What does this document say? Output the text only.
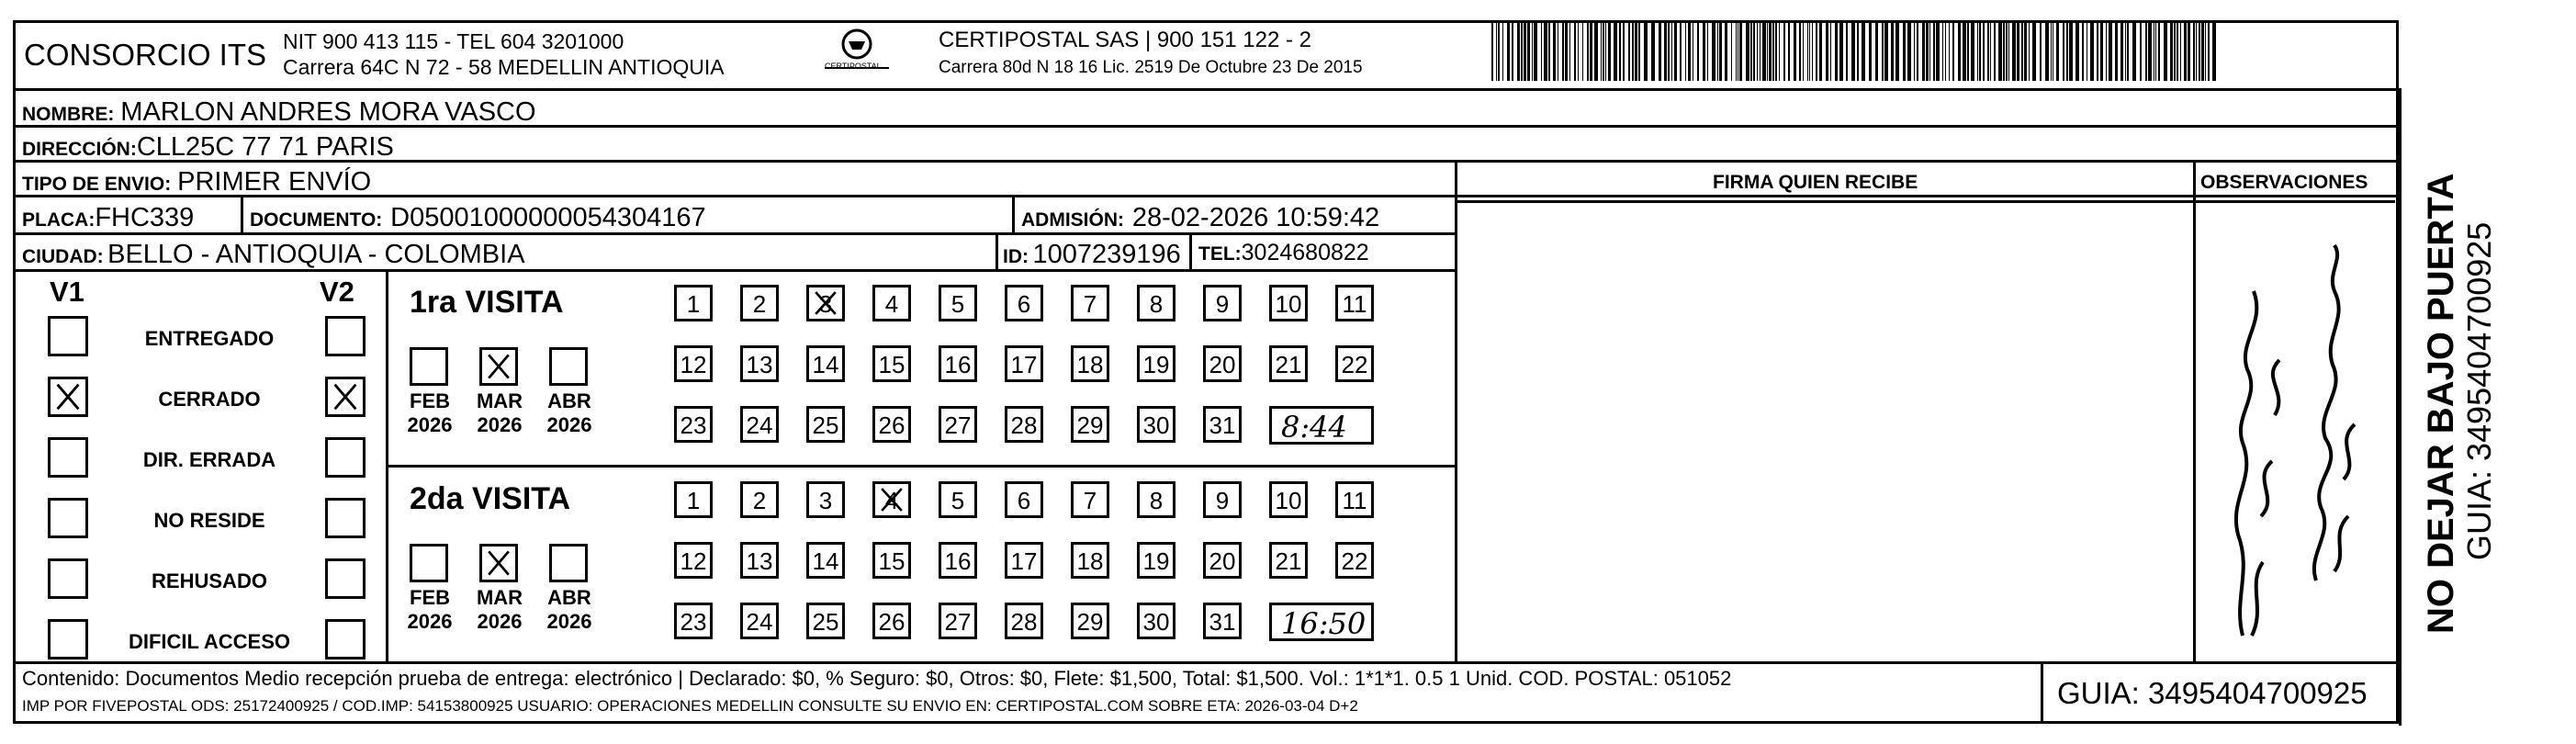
CONSORCIO ITS NIT 900 413 115 - TEL 604 3201000
Carrera 64C N 72 - 58 MEDELLIN ANTIOQUIA	CERTIPOSTAL
CERTIPOSTAL SAS | 900 151 122 - 2
Carrera 80d N 18 16 Lic. 2519 De Octubre 23 De 2015
NOMBRE: MARLON ANDRES MORA VASCO
DIRECCIÓN:CLL25C 77 71 PARIS
TIPO DE ENVIO: PRIMER ENVÍO
PLACA:FHC339	DOCUMENTO: D05001000000054304167	ADMISIÓN: 28-02-2026 10:59:42
CIUDAD: BELLO - ANTIOQUIA - COLOMBIA	ID: 1007239196 TEL:3024680822
FIRMA QUIEN RECIBE	OBSERVACIONES
V1	V2
ENTREGADO
CERRADO
DIR. ERRADA
NO RESIDE
REHUSADO
DIFICIL ACCESO
1ra VISITA
FEB
2026
MAR
2026
ABR
2026
1	2	3	4	5	6	7	8	9	10 11
12 13 14 15 16 17 18 19 20 21 22
23 24 25 26 27 28 29 30 31 8:44
2da VISITA
FEB
2026
MAR
2026
ABR
2026
1	2	3	4	5	6	7	8	9	10 11
12 13 14 15 16 17 18 19 20 21 22
23 24 25 26 27 28 29 30 31 16:50
Contenido: Documentos Medio recepción prueba de entrega: electrónico | Declarado: $0, % Seguro: $0, Otros: $0, Flete: $1,500, Total: $1,500. Vol.: 1*1*1. 0.5 1 Unid. COD. POSTAL: 051052
IMP POR FIVEPOSTAL ODS: 25172400925 / COD.IMP: 54153800925 USUARIO: OPERACIONES MEDELLIN CONSULTE SU ENVIO EN: CERTIPOSTAL.COM SOBRE ETA: 2026-03-04 D+2	GUIA: 3495404700925
NO DEJAR BAJO PUERTA GUIA: 3495404700925
